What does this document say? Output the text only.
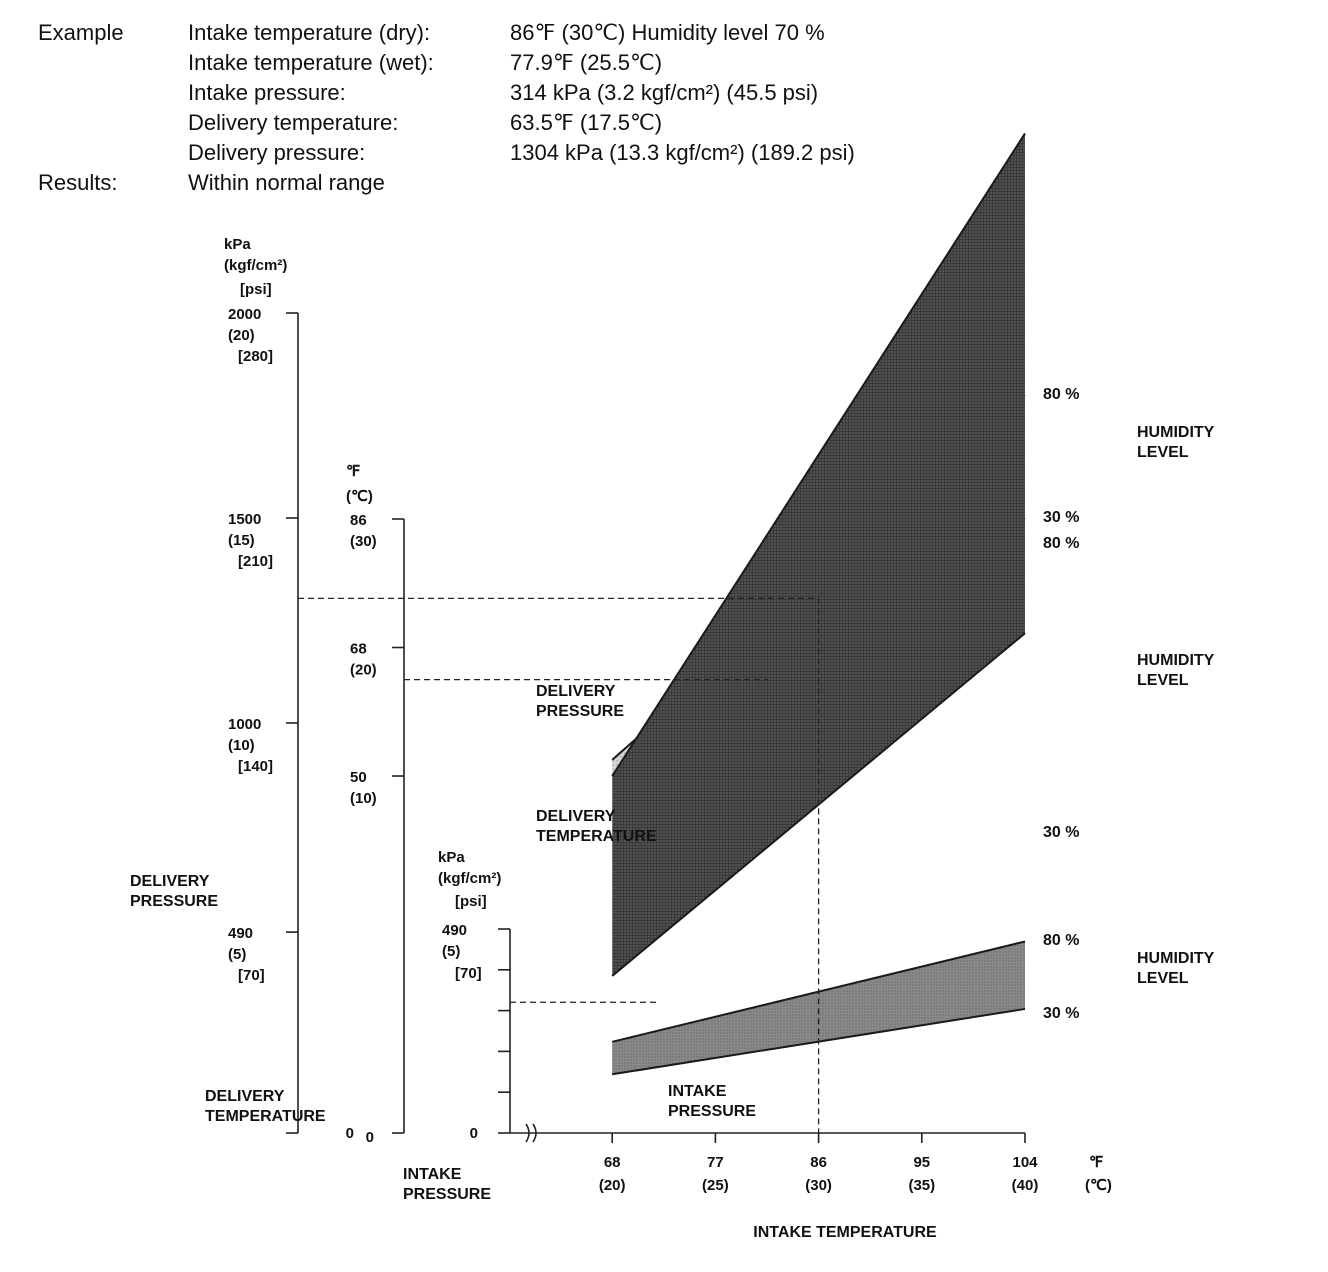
Example	Intake temperature (dry):	86℉ (30℃) Humidity level 70 %
Intake temperature (wet):	77.9℉ (25.5℃)
Intake pressure:	314 kPa (3.2 kgf/cm²) (45.5 psi)
Delivery temperature:	63.5℉ (17.5℃)
Delivery pressure:	1304 kPa (13.3 kgf/cm²) (189.2 psi)
Results:	Within normal range
kPa
(kgf/cm²)
[psi]
2000
(20)
[280]
1500
(15)
[210]
1000
(10)
[140]
490
(5)
[70]
0
DELIVERY
PRESSURE
℉
(℃)
86
(30)
68
(20)
50
(10)
DELIVERY
TEMPERATURE
kPa
(kgf/cm²)
[psi]
490
(5)
[70]
0
INTAKE
PRESSURE
0
68
(20)
77
(25)
86
(30)
95
(35)
104
(40)
℉
(℃)
INTAKE TEMPERATURE
DELIVERY
PRESSURE
80 %
30 %
HUMIDITY
LEVEL
DELIVERY
TEMPERATURE
80 %
30 %
HUMIDITY
LEVEL
INTAKE
PRESSURE
80 %
30 %
HUMIDITY
LEVEL
